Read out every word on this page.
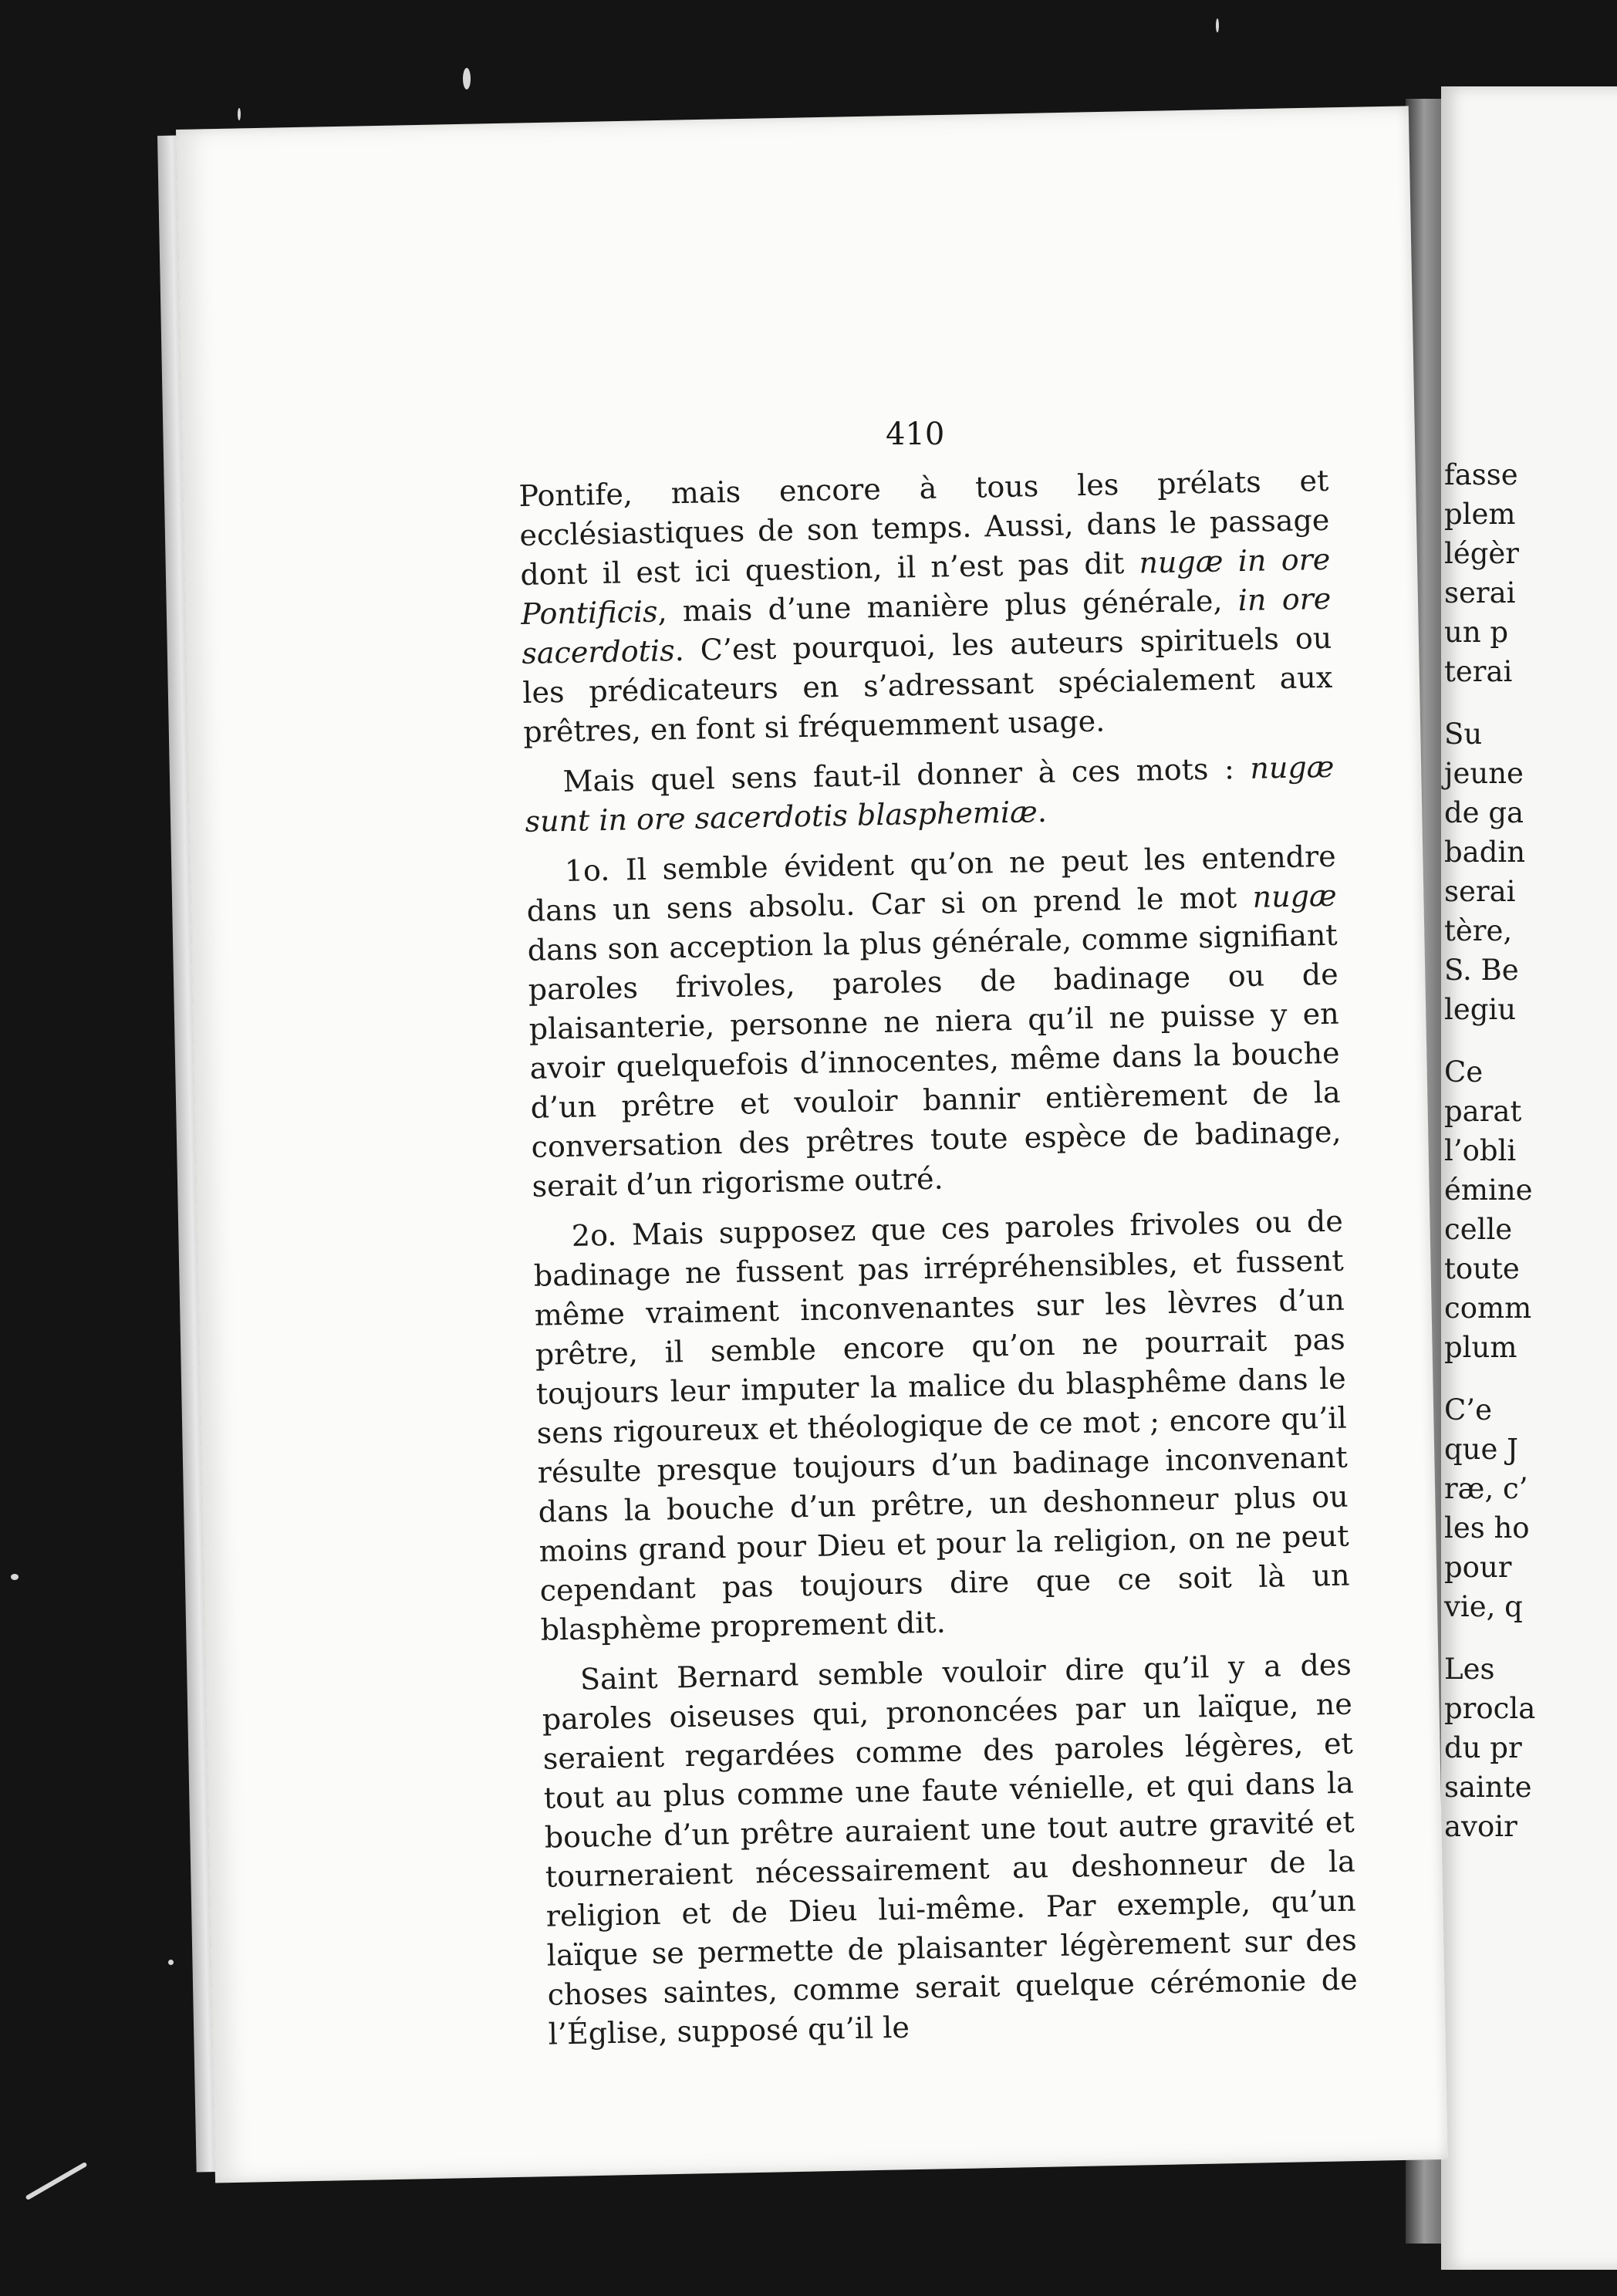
410

Pontife, mais encore à tous les prélats et ecclésiastiques de son temps. Aussi, dans le passage dont il est ici question, il n’est pas dit nugæ in ore Pontificis, mais d’une manière plus générale, in ore sacerdotis. C’est pourquoi, les auteurs spirituels ou les prédicateurs en s’adressant spécialement aux prêtres, en font si fréquemment usage.

Mais quel sens faut-il donner à ces mots : nugæ sunt in ore sacerdotis blasphemiæ.

1o. Il semble évident qu’on ne peut les entendre dans un sens absolu. Car si on prend le mot nugæ dans son acception la plus générale, comme signifiant paroles frivoles, paroles de badinage ou de plaisanterie, personne ne niera qu’il ne puisse y en avoir quelquefois d’innocentes, même dans la bouche d’un prêtre et vouloir bannir entièrement de la conversation des prêtres toute espèce de badinage, serait d’un rigorisme outré.

2o. Mais supposez que ces paroles frivoles ou de badinage ne fussent pas irrépréhensibles, et fussent même vraiment inconvenantes sur les lèvres d’un prêtre, il semble encore qu’on ne pourrait pas toujours leur imputer la malice du blasphême dans le sens rigoureux et théologique de ce mot ; encore qu’il résulte presque toujours d’un badinage inconvenant dans la bouche d’un prêtre, un deshonneur plus ou moins grand pour Dieu et pour la religion, on ne peut cependant pas toujours dire que ce soit là un blasphème proprement dit.

Saint Bernard semble vouloir dire qu’il y a des paroles oiseuses qui, prononcées par un laïque, ne seraient regardées comme des paroles légères, et tout au plus comme une faute vénielle, et qui dans la bouche d’un prêtre auraient une tout autre gravité et tourneraient nécessairement au deshonneur de la religion et de Dieu lui-même. Par exemple, qu’un laïque se permette de plaisanter légèrement sur des choses saintes, comme serait quelque cérémonie de l’Église, supposé qu’il le

fasse
plem
légèr
serai
un p
terai
Su
jeune
de ga
badin
serai
tère,
S. Be
legiu
Ce
parat
l’obli
émine
celle
toute
comm
plum
C’e
que J
ræ, c’
les ho
pour
vie, q
Les
procla
du pr
sainte
avoir
